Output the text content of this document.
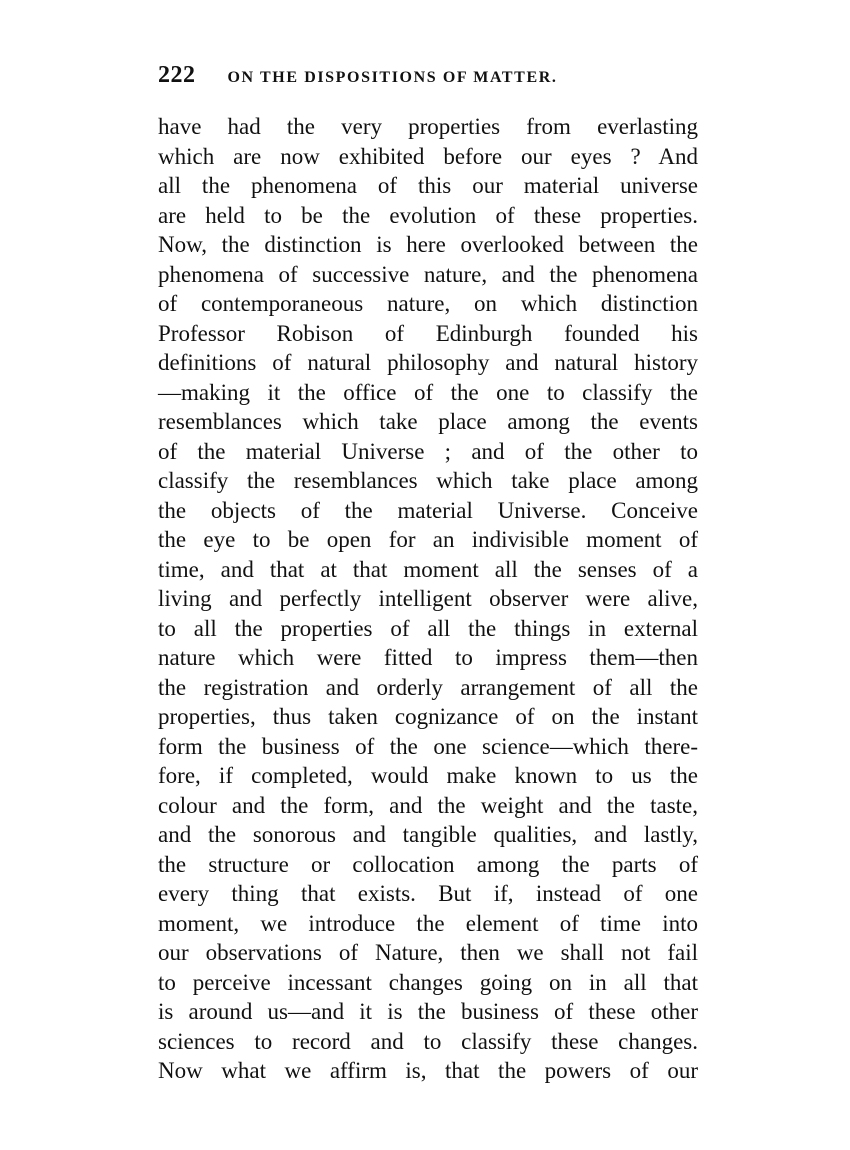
222 ON THE DISPOSITIONS OF MATTER.
have had the very properties from everlasting
which are now exhibited before our eyes ? And
all the phenomena of this our material universe
are held to be the evolution of these properties.
Now, the distinction is here overlooked between the
phenomena of successive nature, and the phenomena
of contemporaneous nature, on which distinction
Professor Robison of Edinburgh founded his
definitions of natural philosophy and natural history
—making it the office of the one to classify the
resemblances which take place among the events
of the material Universe ; and of the other to
classify the resemblances which take place among
the objects of the material Universe. Conceive
the eye to be open for an indivisible moment of
time, and that at that moment all the senses of a
living and perfectly intelligent observer were alive,
to all the properties of all the things in external
nature which were fitted to impress them—then
the registration and orderly arrangement of all the
properties, thus taken cognizance of on the instant
form the business of the one science—which there-
fore, if completed, would make known to us the
colour and the form, and the weight and the taste,
and the sonorous and tangible qualities, and lastly,
the structure or collocation among the parts of
every thing that exists. But if, instead of one
moment, we introduce the element of time into
our observations of Nature, then we shall not fail
to perceive incessant changes going on in all that
is around us—and it is the business of these other
sciences to record and to classify these changes.
Now what we affirm is, that the powers of our
